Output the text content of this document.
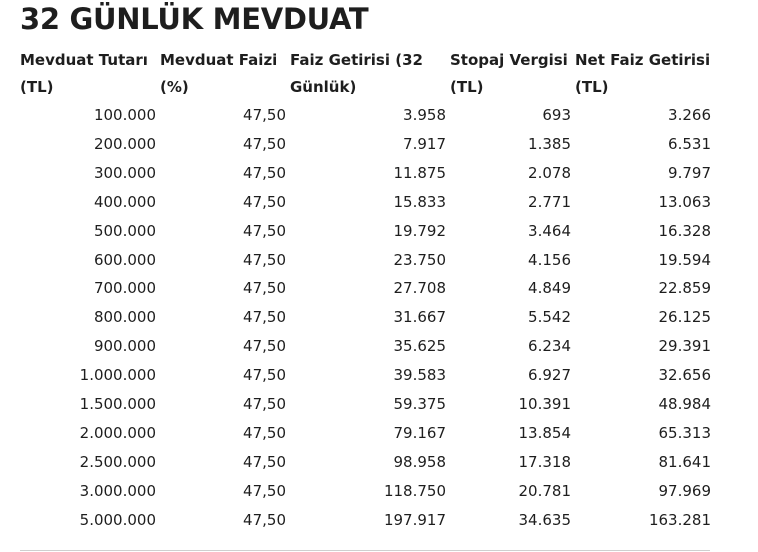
32 GÜNLÜK MEVDUAT
Mevduat Tutarı (TL)	Mevduat Faizi (%)	Faiz Getirisi (32 Günlük)	Stopaj Vergisi (TL)	Net Faiz Getirisi (TL)
100.000	47,50	3.958	693	3.266
200.000	47,50	7.917	1.385	6.531
300.000	47,50	11.875	2.078	9.797
400.000	47,50	15.833	2.771	13.063
500.000	47,50	19.792	3.464	16.328
600.000	47,50	23.750	4.156	19.594
700.000	47,50	27.708	4.849	22.859
800.000	47,50	31.667	5.542	26.125
900.000	47,50	35.625	6.234	29.391
1.000.000	47,50	39.583	6.927	32.656
1.500.000	47,50	59.375	10.391	48.984
2.000.000	47,50	79.167	13.854	65.313
2.500.000	47,50	98.958	17.318	81.641
3.000.000	47,50	118.750	20.781	97.969
5.000.000	47,50	197.917	34.635	163.281
